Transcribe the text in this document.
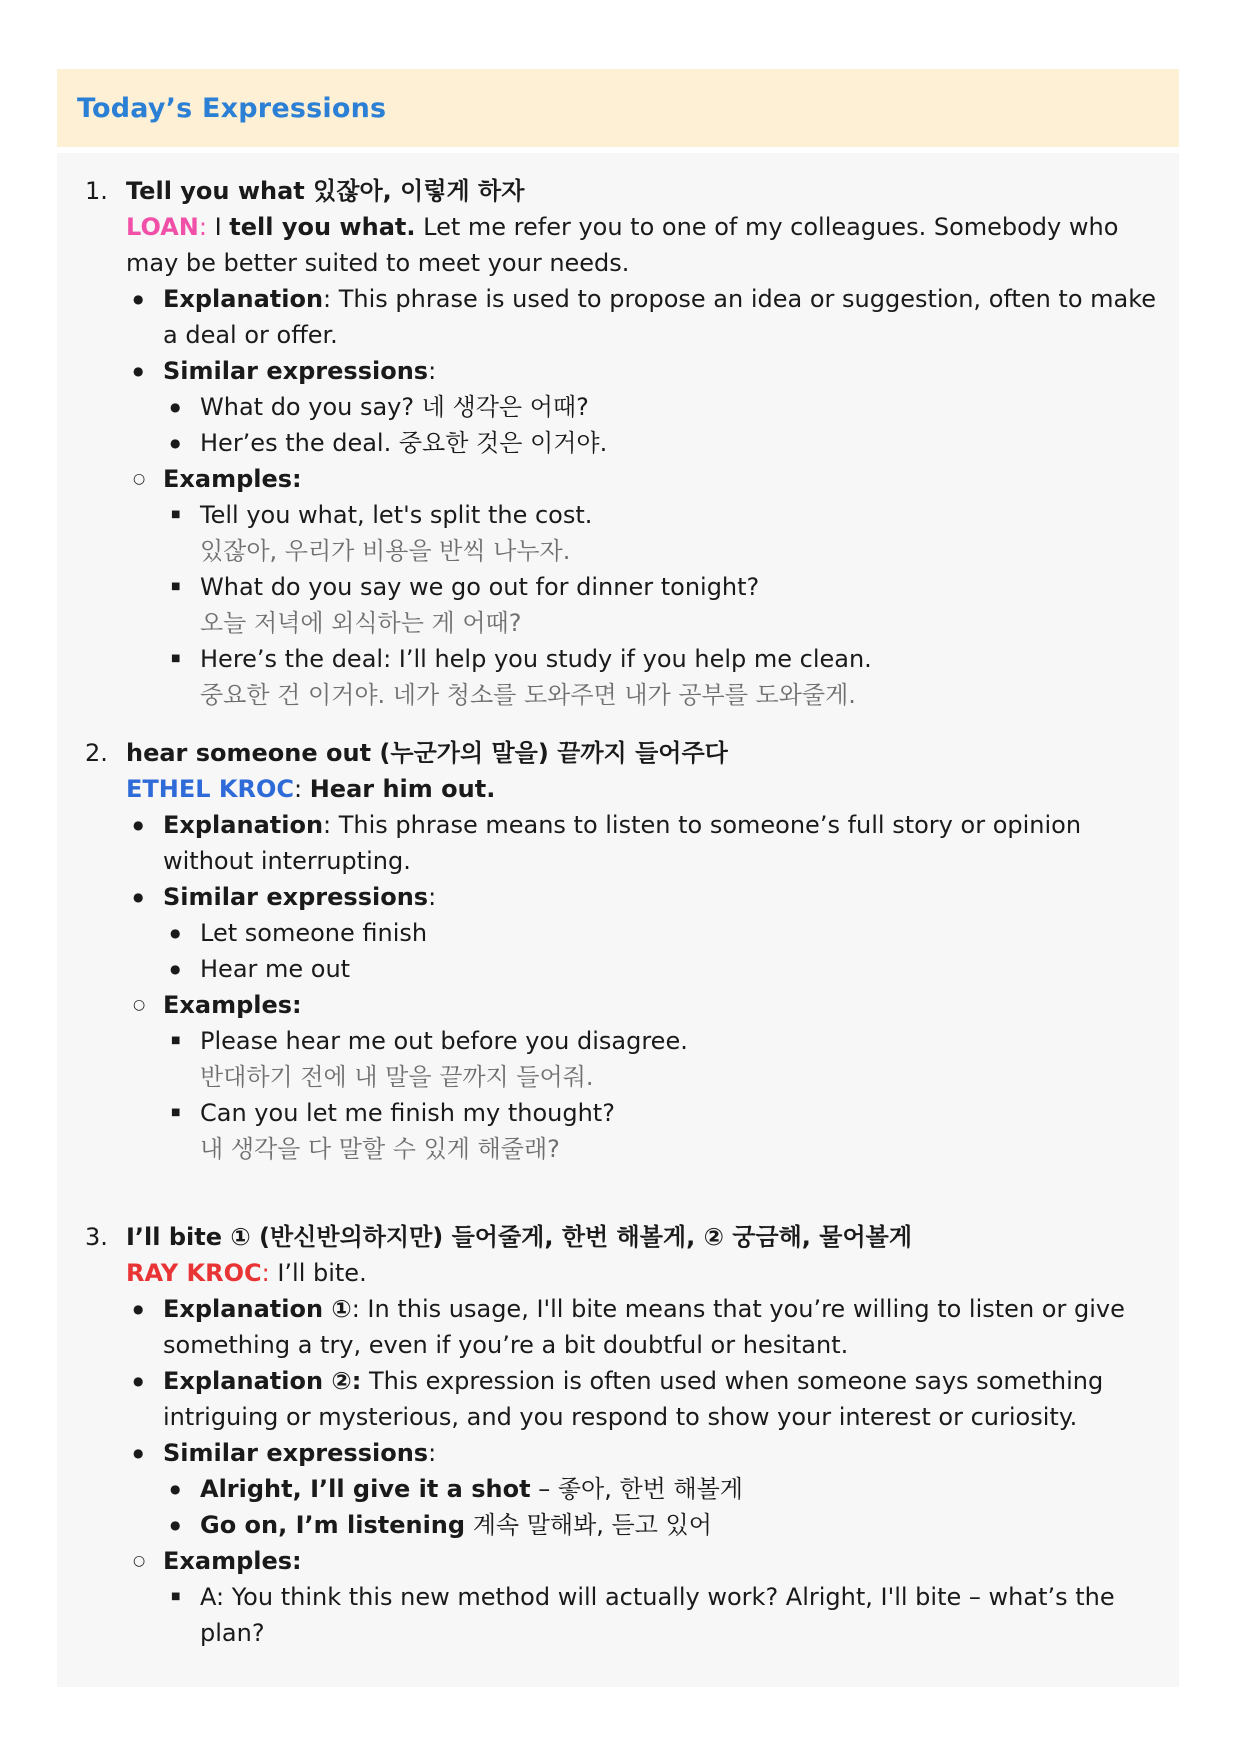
Today’s Expressions
1. Tell you what 있잖아, 이렇게 하자
LOAN: I tell you what. Let me refer you to one of my colleagues. Somebody who may be better suited to meet your needs.
● Explanation: This phrase is used to propose an idea or suggestion, often to make a deal or offer.
● Similar expressions:
● What do you say? 네 생각은 어때?
● Her’es the deal. 중요한 것은 이거야.
○ Examples:
■ Tell you what, let's split the cost.
있잖아, 우리가 비용을 반씩 나누자.
■ What do you say we go out for dinner tonight?
오늘 저녁에 외식하는 게 어때?
■ Here’s the deal: I’ll help you study if you help me clean.
중요한 건 이거야. 네가 청소를 도와주면 내가 공부를 도와줄게.
2. hear someone out (누군가의 말을) 끝까지 들어주다
ETHEL KROC: Hear him out.
● Explanation: This phrase means to listen to someone’s full story or opinion without interrupting.
● Similar expressions:
● Let someone finish
● Hear me out
○ Examples:
■ Please hear me out before you disagree.
반대하기 전에 내 말을 끝까지 들어줘.
■ Can you let me finish my thought?
내 생각을 다 말할 수 있게 해줄래?
3. I’ll bite ① (반신반의하지만) 들어줄게, 한번 해볼게, ② 궁금해, 물어볼게
RAY KROC: I’ll bite.
● Explanation ①: In this usage, I'll bite means that you’re willing to listen or give something a try, even if you’re a bit doubtful or hesitant.
● Explanation ②: This expression is often used when someone says something intriguing or mysterious, and you respond to show your interest or curiosity.
● Similar expressions:
● Alright, I’ll give it a shot – 좋아, 한번 해볼게
● Go on, I’m listening 계속 말해봐, 듣고 있어
○ Examples:
■ A: You think this new method will actually work? Alright, I'll bite – what’s the plan?
